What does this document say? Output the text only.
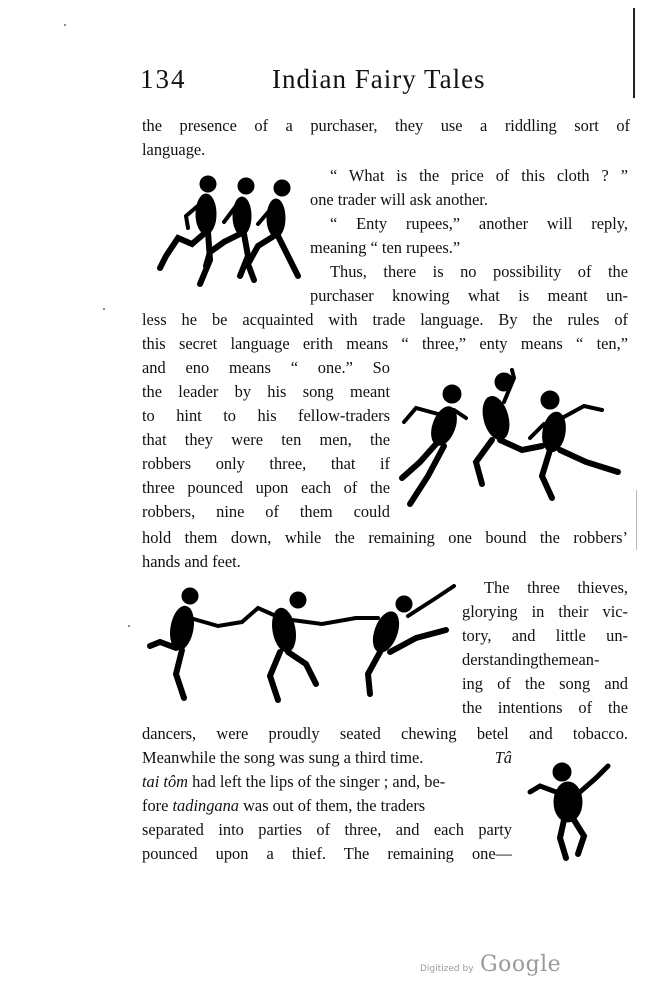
134	Indian Fairy Tales
the presence of a purchaser, they use a riddling sort of
language.
“ What is the price of this cloth ? ”
one trader will ask another.
“ Enty rupees,” another will reply,
meaning “ ten rupees.”
Thus, there is no possibility of the
purchaser knowing what is meant un-
less he be acquainted with trade language. By the rules of
this secret language erith means “ three,” enty means “ ten,”
and eno means “ one.” So
the leader by his song meant
to hint to his fellow-traders
that they were ten men, the
robbers only three, that if
three pounced upon each of the
robbers, nine of them could
hold them down, while the remaining one bound the robbers’
hands and feet.
The three thieves,
glorying in their vic-
tory, and little un-
derstandingthemean-
ing of the song and
the intentions of the
dancers, were proudly seated chewing betel and tobacco.
Meanwhile the song was sung a third time.	Tâ
tai tôm had left the lips of the singer ; and, be-
fore tadingana was out of them, the traders
separated into parties of three, and each party
pounced upon a thief. The remaining one—
Digitized by Google
